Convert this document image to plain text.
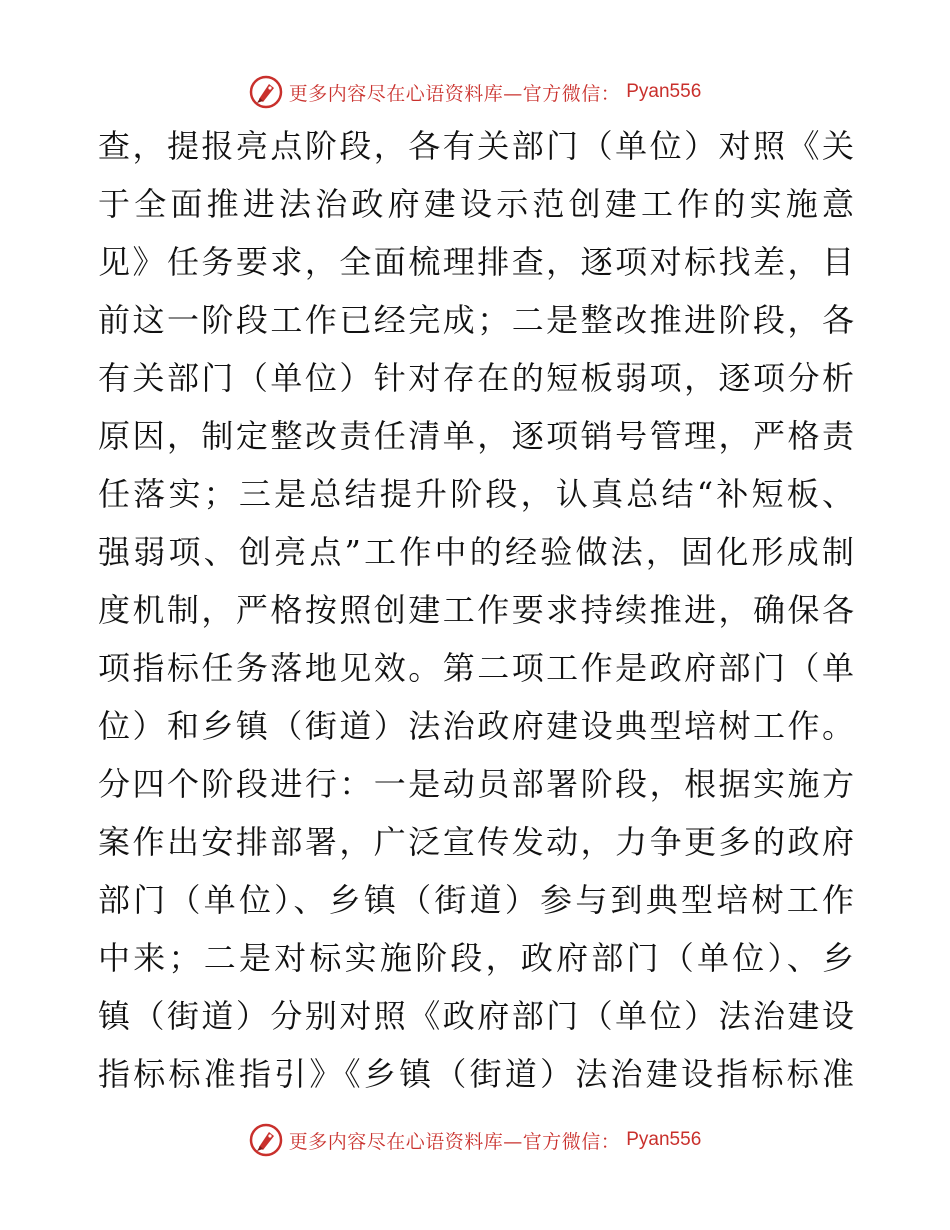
更多内容尽在心语资料库—官方微信： Pyan556
查，提报亮点阶段，各有关部门（单位）对照《关
于全面推进法治政府建设示范创建工作的实施意
见》任务要求，全面梳理排查，逐项对标找差，目
前这一阶段工作已经完成；二是整改推进阶段，各
有关部门（单位）针对存在的短板弱项，逐项分析
原因，制定整改责任清单，逐项销号管理，严格责
任落实；三是总结提升阶段，认真总结“补短板、
强弱项、创亮点”工作中的经验做法，固化形成制
度机制，严格按照创建工作要求持续推进，确保各
项指标任务落地见效。第二项工作是政府部门（单
位）和乡镇（街道）法治政府建设典型培树工作。
分四个阶段进行：一是动员部署阶段，根据实施方
案作出安排部署，广泛宣传发动，力争更多的政府
部门（单位）、乡镇（街道）参与到典型培树工作
中来；二是对标实施阶段，政府部门（单位）、乡
镇（街道）分别对照《政府部门（单位）法治建设
指标标准指引》《乡镇（街道）法治建设指标标准
更多内容尽在心语资料库—官方微信： Pyan556
